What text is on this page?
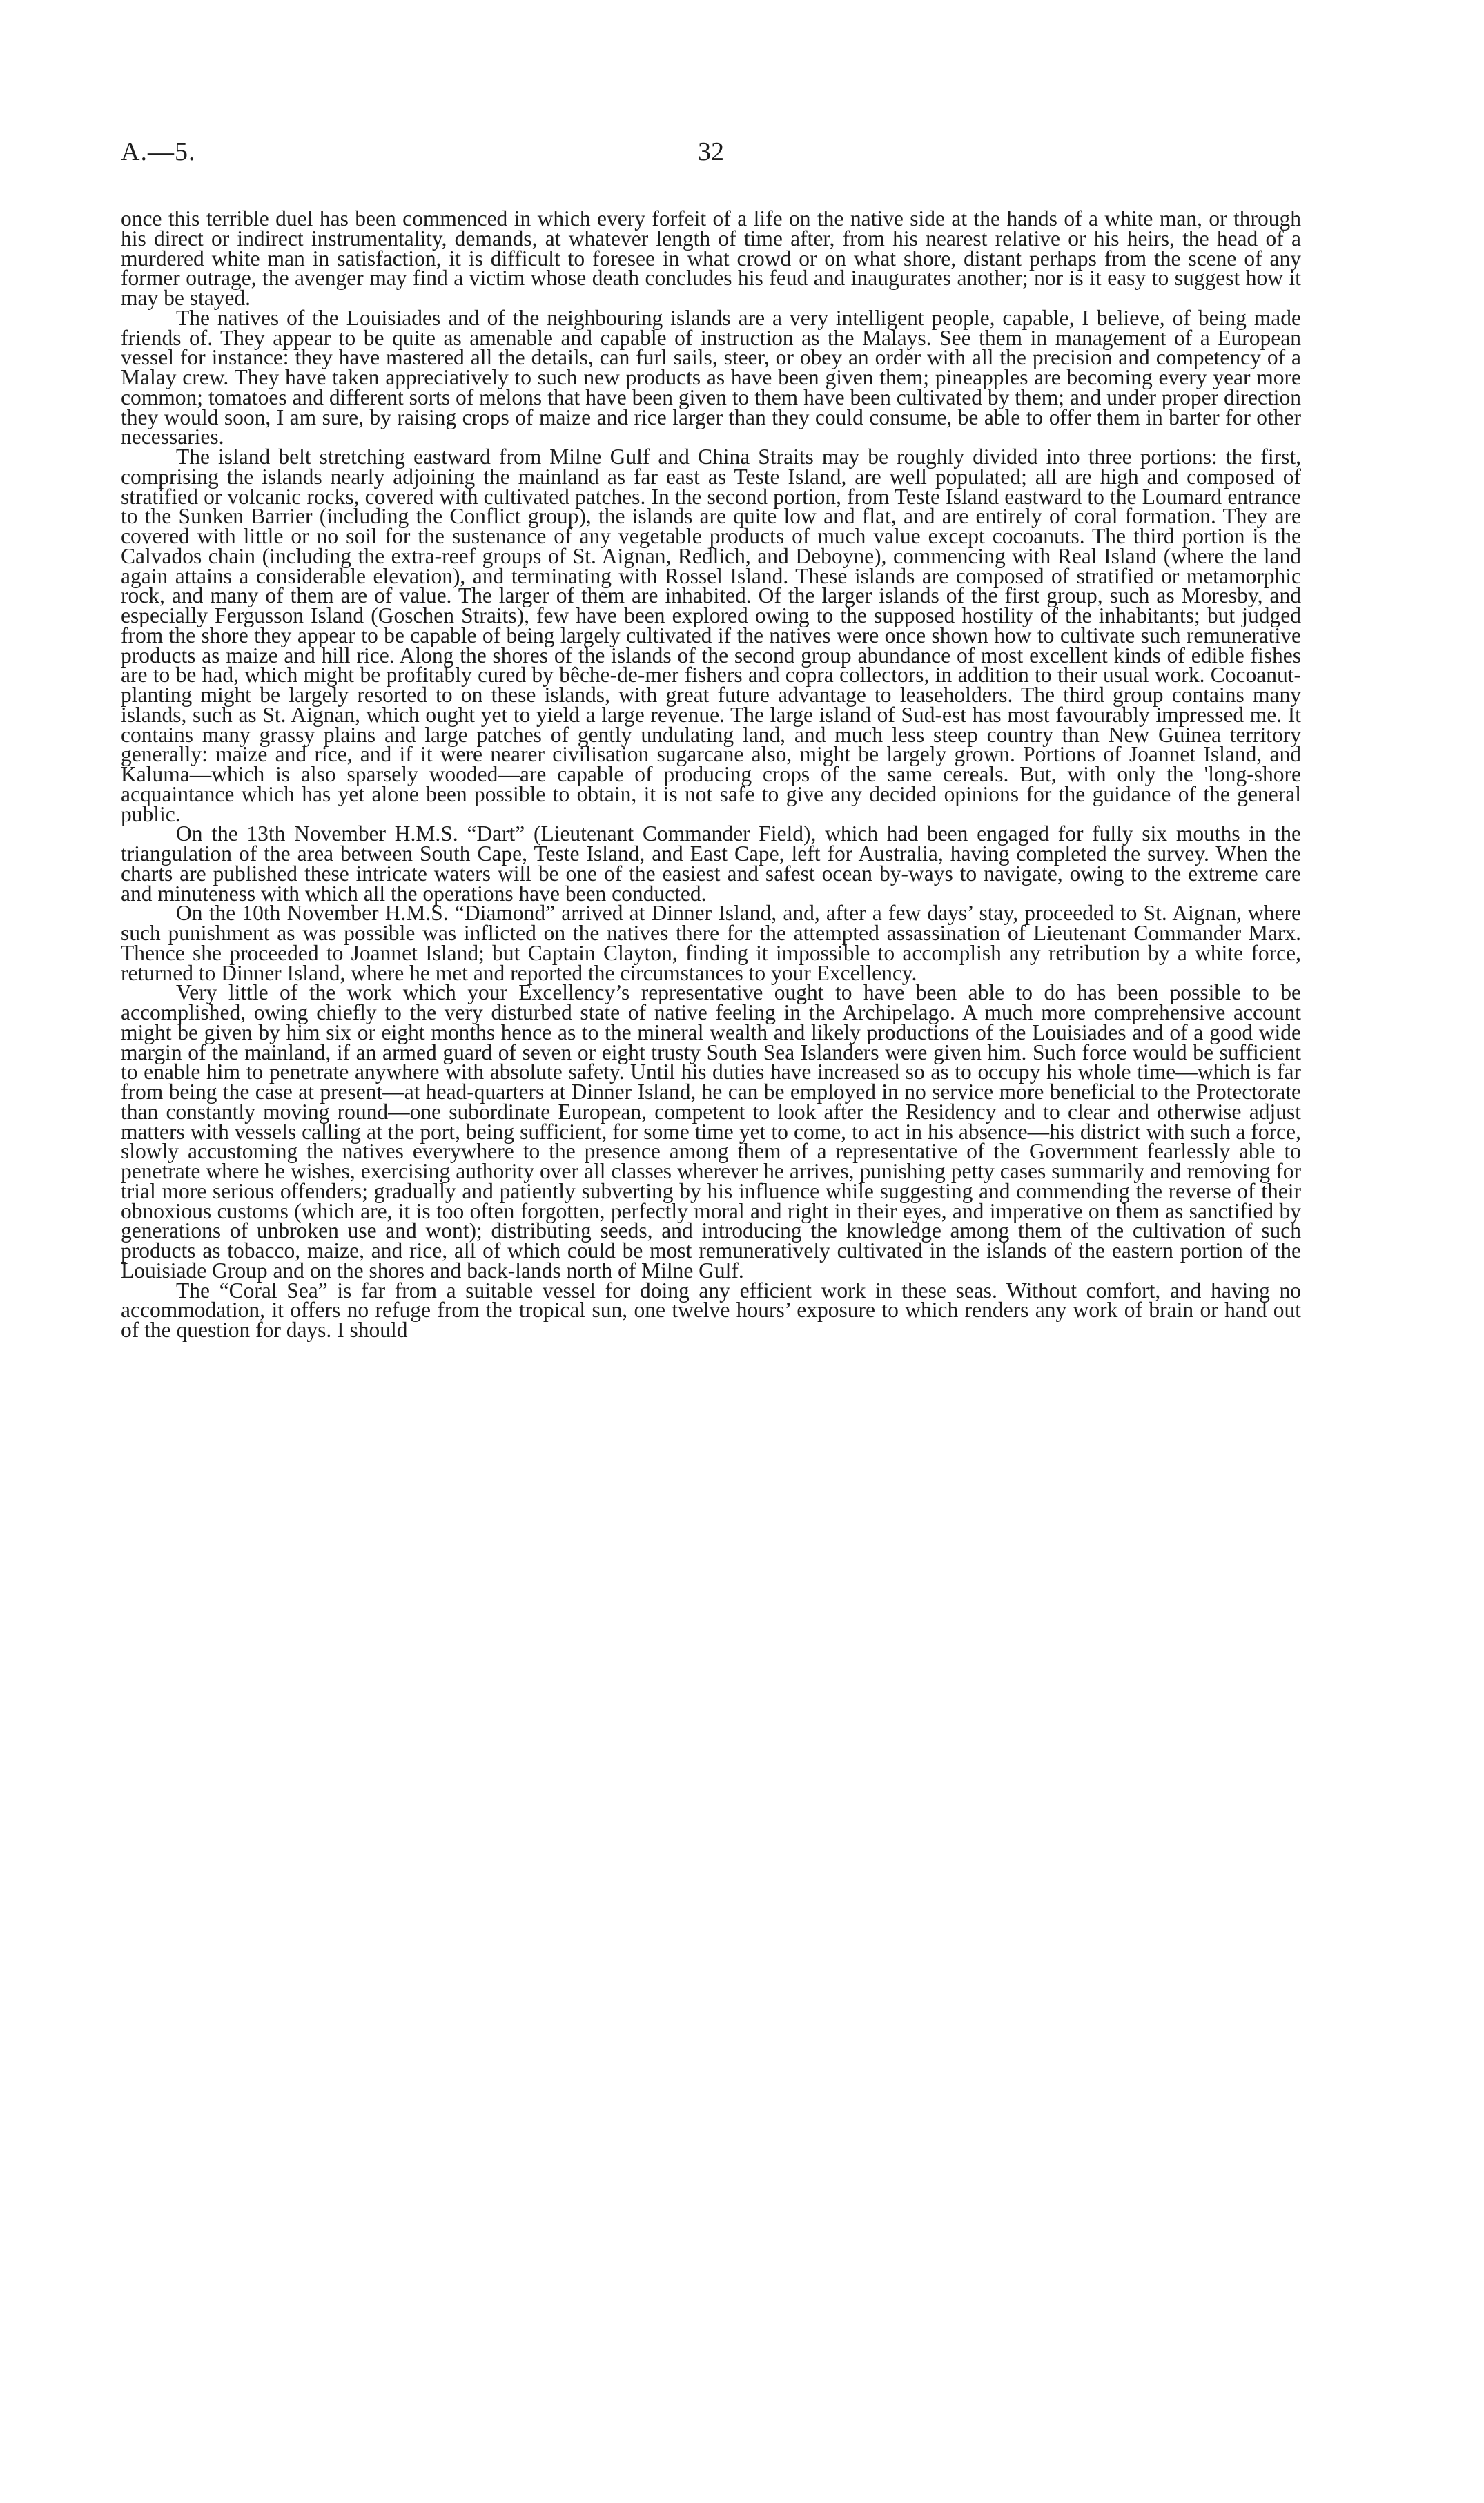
A.—5.	32

once this terrible duel has been commenced in which every forfeit of a life on the native side at the hands of a white man, or through his direct or indirect instrumentality, demands, at whatever length of time after, from his nearest relative or his heirs, the head of a murdered white man in satisfaction, it is difficult to foresee in what crowd or on what shore, distant perhaps from the scene of any former outrage, the avenger may find a victim whose death concludes his feud and inaugurates another; nor is it easy to suggest how it may be stayed.

The natives of the Louisiades and of the neighbouring islands are a very intelligent people, capable, I believe, of being made friends of. They appear to be quite as amenable and capable of instruction as the Malays. See them in management of a European vessel for instance: they have mastered all the details, can furl sails, steer, or obey an order with all the precision and competency of a Malay crew. They have taken appreciatively to such new products as have been given them; pineapples are becoming every year more common; tomatoes and different sorts of melons that have been given to them have been cultivated by them; and under proper direction they would soon, I am sure, by raising crops of maize and rice larger than they could consume, be able to offer them in barter for other necessaries.

The island belt stretching eastward from Milne Gulf and China Straits may be roughly divided into three portions: the first, comprising the islands nearly adjoining the mainland as far east as Teste Island, are well populated; all are high and composed of stratified or volcanic rocks, covered with cultivated patches. In the second portion, from Teste Island eastward to the Loumard entrance to the Sunken Barrier (including the Conflict group), the islands are quite low and flat, and are entirely of coral formation. They are covered with little or no soil for the sustenance of any vegetable products of much value except cocoanuts. The third portion is the Calvados chain (including the extra-reef groups of St. Aignan, Redlich, and Deboyne), commencing with Real Island (where the land again attains a considerable elevation), and terminating with Rossel Island. These islands are composed of stratified or metamorphic rock, and many of them are of value. The larger of them are inhabited. Of the larger islands of the first group, such as Moresby, and especially Fergusson Island (Goschen Straits), few have been explored owing to the supposed hostility of the inhabitants; but judged from the shore they appear to be capable of being largely cultivated if the natives were once shown how to cultivate such remunerative products as maize and hill rice. Along the shores of the islands of the second group abundance of most excellent kinds of edible fishes are to be had, which might be profitably cured by bêche-de-mer fishers and copra collectors, in addition to their usual work. Cocoanut-planting might be largely resorted to on these islands, with great future advantage to leaseholders. The third group contains many islands, such as St. Aignan, which ought yet to yield a large revenue. The large island of Sud-est has most favourably impressed me. It contains many grassy plains and large patches of gently undulating land, and much less steep country than New Guinea territory generally: maize and rice, and if it were nearer civilisation sugarcane also, might be largely grown. Portions of Joannet Island, and Kaluma—which is also sparsely wooded—are capable of producing crops of the same cereals. But, with only the 'long-shore acquaintance which has yet alone been possible to obtain, it is not safe to give any decided opinions for the guidance of the general public.

On the 13th November H.M.S. “Dart” (Lieutenant Commander Field), which had been engaged for fully six mouths in the triangulation of the area between South Cape, Teste Island, and East Cape, left for Australia, having completed the survey. When the charts are published these intricate waters will be one of the easiest and safest ocean by-ways to navigate, owing to the extreme care and minuteness with which all the operations have been conducted.

On the 10th November H.M.S. “Diamond” arrived at Dinner Island, and, after a few days’ stay, proceeded to St. Aignan, where such punishment as was possible was inflicted on the natives there for the attempted assassination of Lieutenant Commander Marx. Thence she proceeded to Joannet Island; but Captain Clayton, finding it impossible to accomplish any retribution by a white force, returned to Dinner Island, where he met and reported the circumstances to your Excellency.

Very little of the work which your Excellency’s representative ought to have been able to do has been possible to be accomplished, owing chiefly to the very disturbed state of native feeling in the Archipelago. A much more comprehensive account might be given by him six or eight months hence as to the mineral wealth and likely productions of the Louisiades and of a good wide margin of the mainland, if an armed guard of seven or eight trusty South Sea Islanders were given him. Such force would be sufficient to enable him to penetrate anywhere with absolute safety. Until his duties have increased so as to occupy his whole time—which is far from being the case at present—at head-quarters at Dinner Island, he can be employed in no service more beneficial to the Protectorate than constantly moving round—one subordinate European, competent to look after the Residency and to clear and otherwise adjust matters with vessels calling at the port, being sufficient, for some time yet to come, to act in his absence—his district with such a force, slowly accustoming the natives everywhere to the presence among them of a representative of the Government fearlessly able to penetrate where he wishes, exercising authority over all classes wherever he arrives, punishing petty cases summarily and removing for trial more serious offenders; gradually and patiently subverting by his influence while suggesting and commending the reverse of their obnoxious customs (which are, it is too often forgotten, perfectly moral and right in their eyes, and imperative on them as sanctified by generations of unbroken use and wont); distributing seeds, and introducing the knowledge among them of the cultivation of such products as tobacco, maize, and rice, all of which could be most remuneratively cultivated in the islands of the eastern portion of the Louisiade Group and on the shores and back-lands north of Milne Gulf.

The “Coral Sea” is far from a suitable vessel for doing any efficient work in these seas. Without comfort, and having no accommodation, it offers no refuge from the tropical sun, one twelve hours’ exposure to which renders any work of brain or hand out of the question for days. I should
